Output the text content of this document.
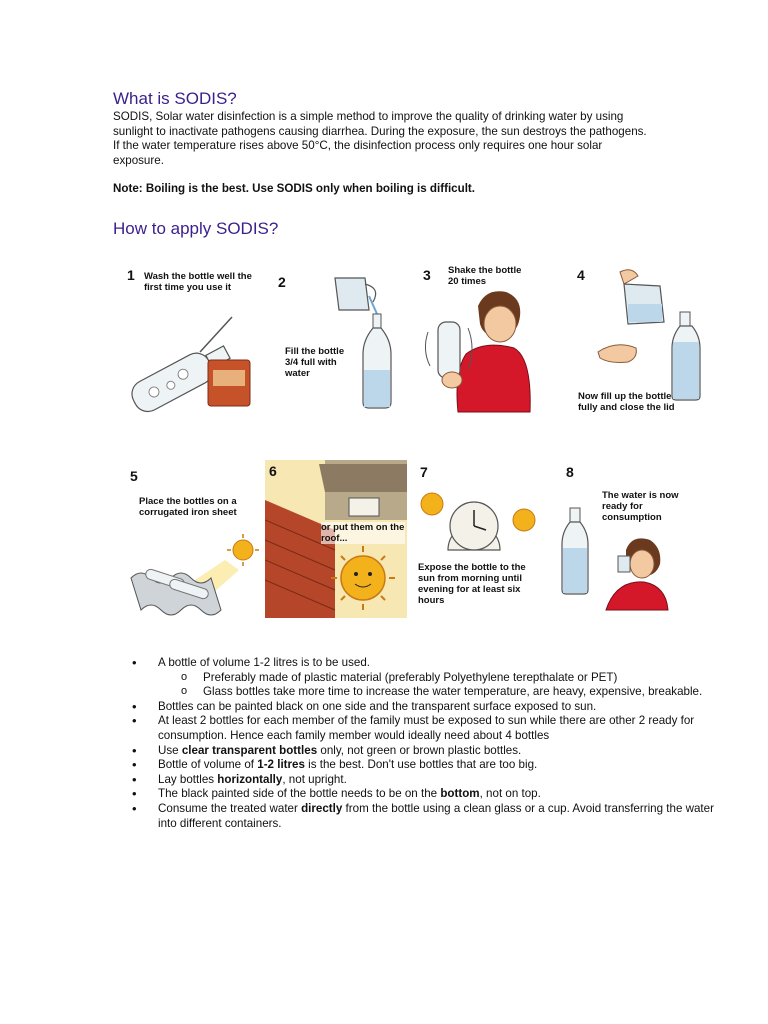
What is SODIS?
SODIS, Solar water disinfection is a simple method to improve the quality of drinking water by using sunlight to inactivate pathogens causing diarrhea. During the exposure, the sun destroys the pathogens. If the water temperature rises above 50°C, the disinfection process only requires one hour solar exposure.
Note: Boiling is the best. Use SODIS only when boiling is difficult.
How to apply SODIS?
1 Wash the bottle well the first time you use it	2
Fill the bottle 3/4 full with water
3 Shake the bottle 20 times	4
Now fill up the bottle fully and close the lid
5
Place the bottles on a corrugated iron sheet
6
or put them on the roof...
7
Expose the bottle to the sun from morning until evening for at least six hours
8
The water is now ready for consumption
• A bottle of volume 1-2 litres is to be used.
o Preferably made of plastic material (preferably Polyethylene terepthalate or PET)
o Glass bottles take more time to increase the water temperature, are heavy, expensive, breakable.
• Bottles can be painted black on one side and the transparent surface exposed to sun.
• At least 2 bottles for each member of the family must be exposed to sun while there are other 2 ready for consumption. Hence each family member would ideally need about 4 bottles
• Use clear transparent bottles only, not green or brown plastic bottles.
• Bottle of volume of 1-2 litres is the best. Don't use bottles that are too big.
• Lay bottles horizontally, not upright.
• The black painted side of the bottle needs to be on the bottom, not on top.
• Consume the treated water directly from the bottle using a clean glass or a cup. Avoid transferring the water into different containers.
